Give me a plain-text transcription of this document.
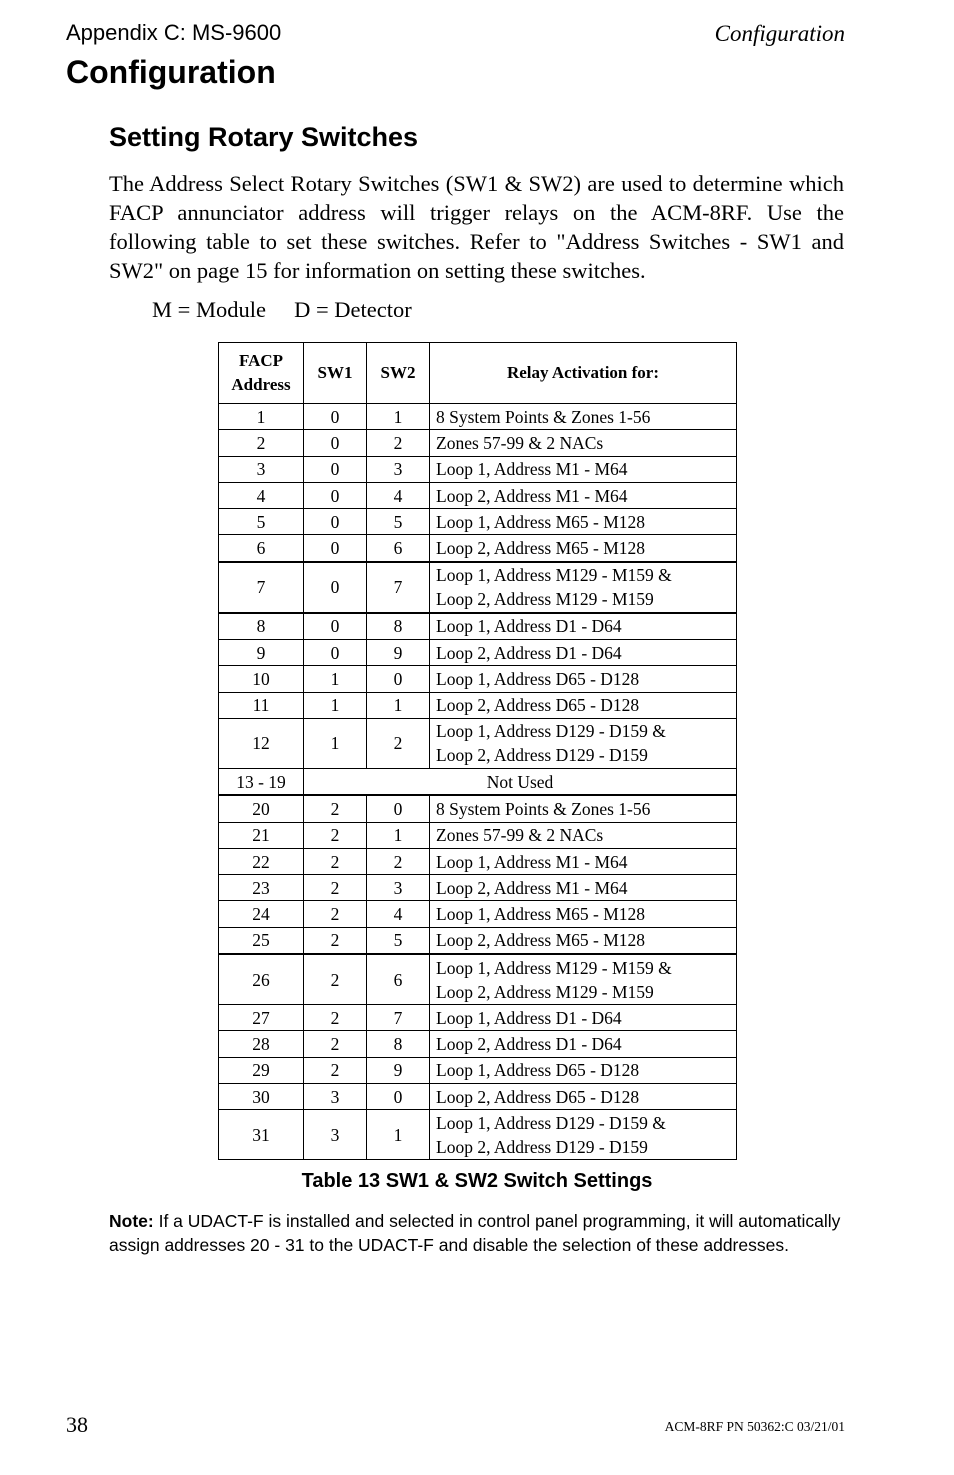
Appendix C: MS-9600	Configuration
Configuration
Setting Rotary Switches

The Address Select Rotary Switches (SW1 & SW2) are used to determine which FACP annunciator address will trigger relays on the ACM-8RF. Use the following table to set these switches. Refer to "Address Switches - SW1 and SW2" on page 15 for information on setting these switches.

M = Module     D = Detector
FACP
Address	SW1	SW2	Relay Activation for:
1	0	1	8 System Points & Zones 1-56

2	0	2	Zones 57-99 & 2 NACs

3	0	3	Loop 1, Address M1 - M64

4	0	4	Loop 2, Address M1 - M64

5	0	5	Loop 1, Address M65 - M128

6	0	6	Loop 2, Address M65 - M128

7	0	7	Loop 1, Address M129 - M159 &
Loop 2, Address M129 - M159

8	0	8	Loop 1, Address D1 - D64

9	0	9	Loop 2, Address D1 - D64

10	1	0	Loop 1, Address D65 - D128

11	1	1	Loop 2, Address D65 - D128

12	1	2	Loop 1, Address D129 - D159 &
Loop 2, Address D129 - D159

13 - 19	Not Used		
20	2	0	8 System Points & Zones 1-56

21	2	1	Zones 57-99 & 2 NACs

22	2	2	Loop 1, Address M1 - M64

23	2	3	Loop 2, Address M1 - M64

24	2	4	Loop 1, Address M65 - M128

25	2	5	Loop 2, Address M65 - M128

26	2	6	Loop 1, Address M129 - M159 &
Loop 2, Address M129 - M159

27	2	7	Loop 1, Address D1 - D64

28	2	8	Loop 2, Address D1 - D64

29	2	9	Loop 1, Address D65 - D128

30	3	0	Loop 2, Address D65 - D128

31	3	1	Loop 1, Address D129 - D159 &
Loop 2, Address D129 - D159
Table 13 SW1 & SW2 Switch Settings

Note: If a UDACT-F is installed and selected in control panel programming, it will automatically assign addresses 20 - 31 to the UDACT-F and disable the selection of these addresses.

38	ACM-8RF PN 50362:C 03/21/01
